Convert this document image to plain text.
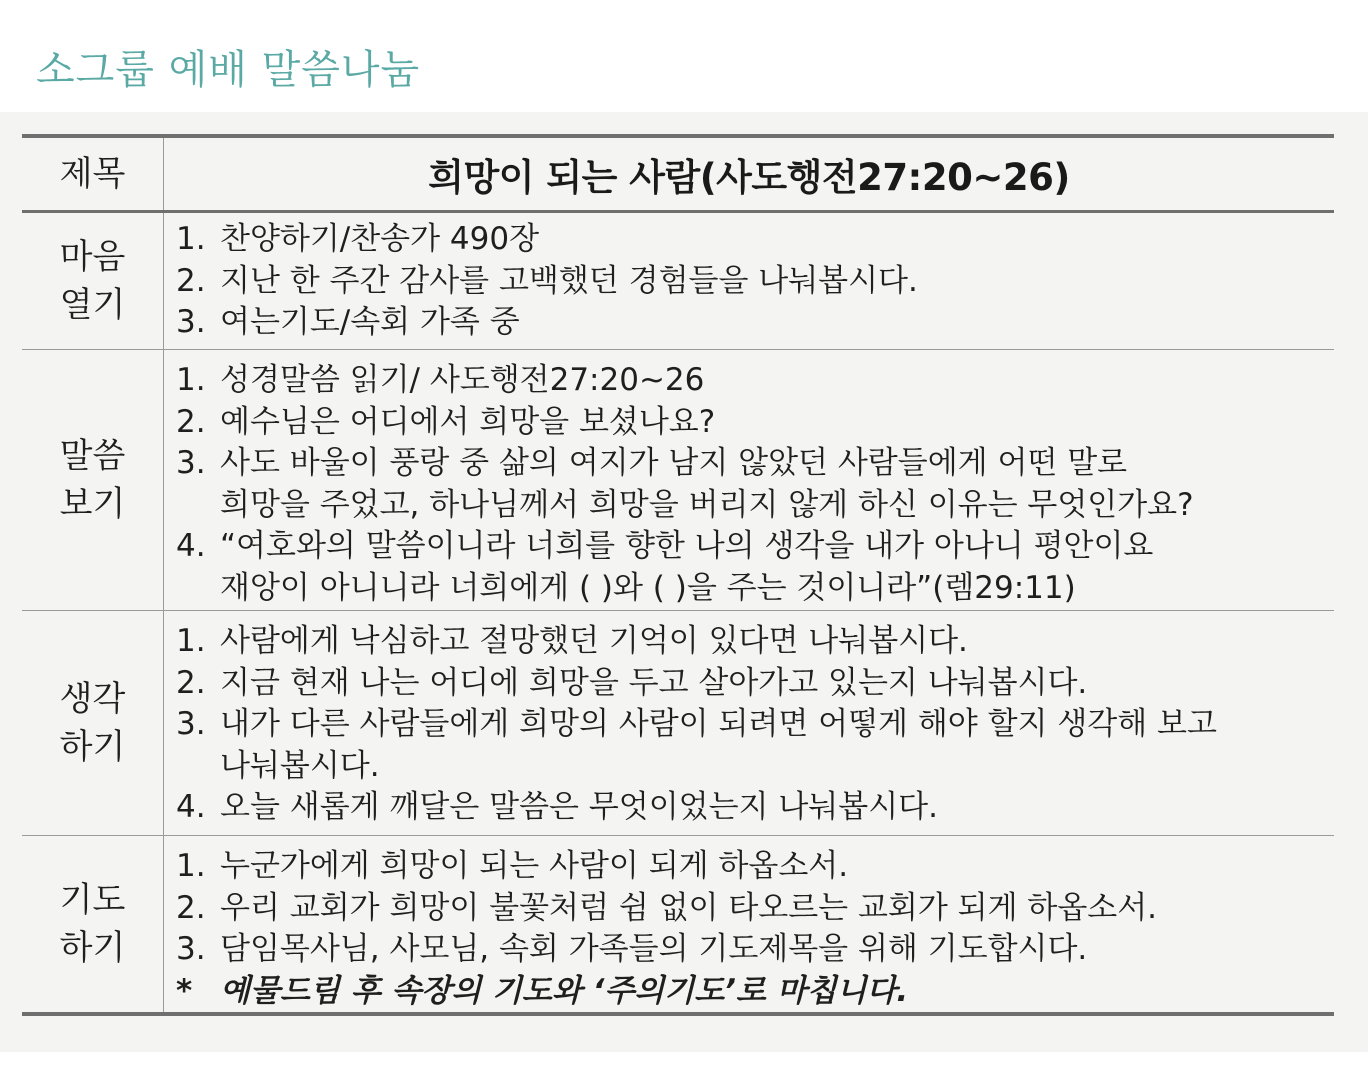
소그룹 예배 말씀나눔
제목	희망이 되는 사람(사도행전27:20~26)
마음
열기
1. 찬양하기/찬송가 490장
2. 지난 한 주간 감사를 고백했던 경험들을 나눠봅시다.
3. 여는기도/속회 가족 중
말씀
보기
1. 성경말씀 읽기/ 사도행전27:20~26
2. 예수님은 어디에서 희망을 보셨나요?
3. 사도 바울이 풍랑 중 삶의 여지가 남지 않았던 사람들에게 어떤 말로
희망을 주었고, 하나님께서 희망을 버리지 않게 하신 이유는 무엇인가요?
4. “여호와의 말씀이니라 너희를 향한 나의 생각을 내가 아나니 평안이요
재앙이 아니니라 너희에게 ( )와 ( )을 주는 것이니라”(렘29:11)
생각
하기
1. 사람에게 낙심하고 절망했던 기억이 있다면 나눠봅시다.
2. 지금 현재 나는 어디에 희망을 두고 살아가고 있는지 나눠봅시다.
3. 내가 다른 사람들에게 희망의 사람이 되려면 어떻게 해야 할지 생각해 보고
나눠봅시다.
4. 오늘 새롭게 깨달은 말씀은 무엇이었는지 나눠봅시다.
기도
하기
1. 누군가에게 희망이 되는 사람이 되게 하옵소서.
2. 우리 교회가 희망이 불꽃처럼 쉼 없이 타오르는 교회가 되게 하옵소서.
3. 담임목사님, 사모님, 속회 가족들의 기도제목을 위해 기도합시다.
* 예물드림 후 속장의 기도와 ‘주의기도’로 마칩니다.
